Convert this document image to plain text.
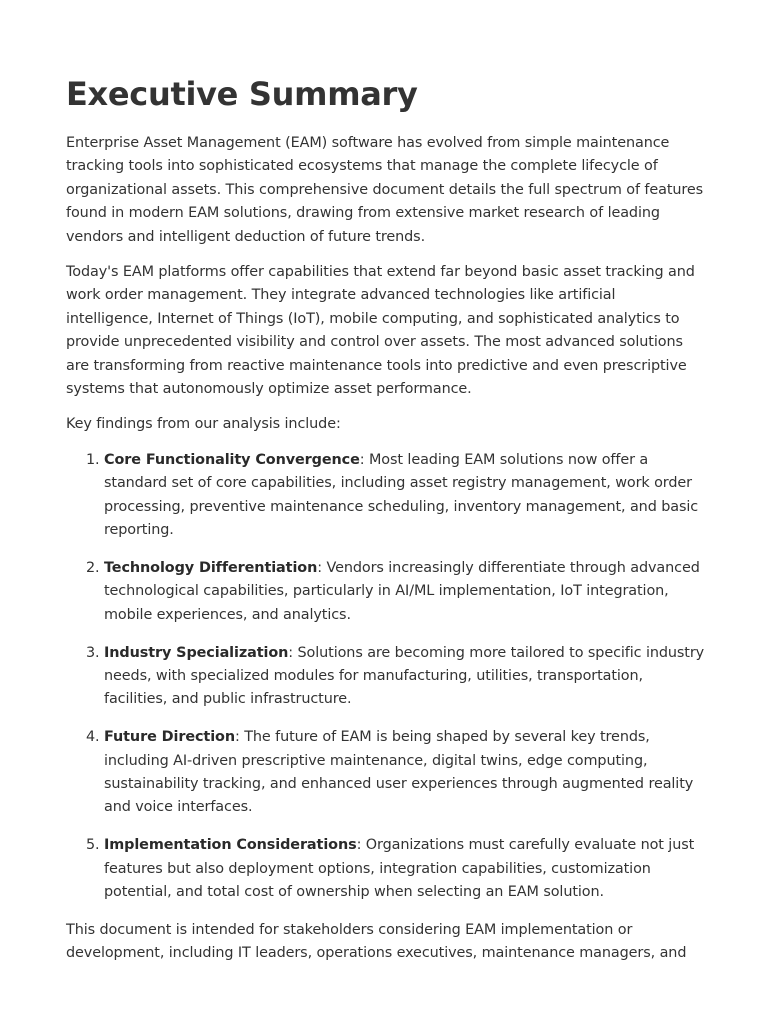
Executive Summary

Enterprise Asset Management (EAM) software has evolved from simple maintenance tracking tools into sophisticated ecosystems that manage the complete lifecycle of organizational assets. This comprehensive document details the full spectrum of features found in modern EAM solutions, drawing from extensive market research of leading vendors and intelligent deduction of future trends.

Today's EAM platforms offer capabilities that extend far beyond basic asset tracking and work order management. They integrate advanced technologies like artificial intelligence, Internet of Things (IoT), mobile computing, and sophisticated analytics to provide unprecedented visibility and control over assets. The most advanced solutions are transforming from reactive maintenance tools into predictive and even prescriptive systems that autonomously optimize asset performance.

Key findings from our analysis include:

1. Core Functionality Convergence: Most leading EAM solutions now offer a standard set of core capabilities, including asset registry management, work order processing, preventive maintenance scheduling, inventory management, and basic reporting.
2. Technology Differentiation: Vendors increasingly differentiate through advanced technological capabilities, particularly in AI/ML implementation, IoT integration, mobile experiences, and analytics.
3. Industry Specialization: Solutions are becoming more tailored to specific industry needs, with specialized modules for manufacturing, utilities, transportation, facilities, and public infrastructure.
4. Future Direction: The future of EAM is being shaped by several key trends, including AI-driven prescriptive maintenance, digital twins, edge computing, sustainability tracking, and enhanced user experiences through augmented reality and voice interfaces.
5. Implementation Considerations: Organizations must carefully evaluate not just features but also deployment options, integration capabilities, customization potential, and total cost of ownership when selecting an EAM solution.

This document is intended for stakeholders considering EAM implementation or development, including IT leaders, operations executives, maintenance managers, and
